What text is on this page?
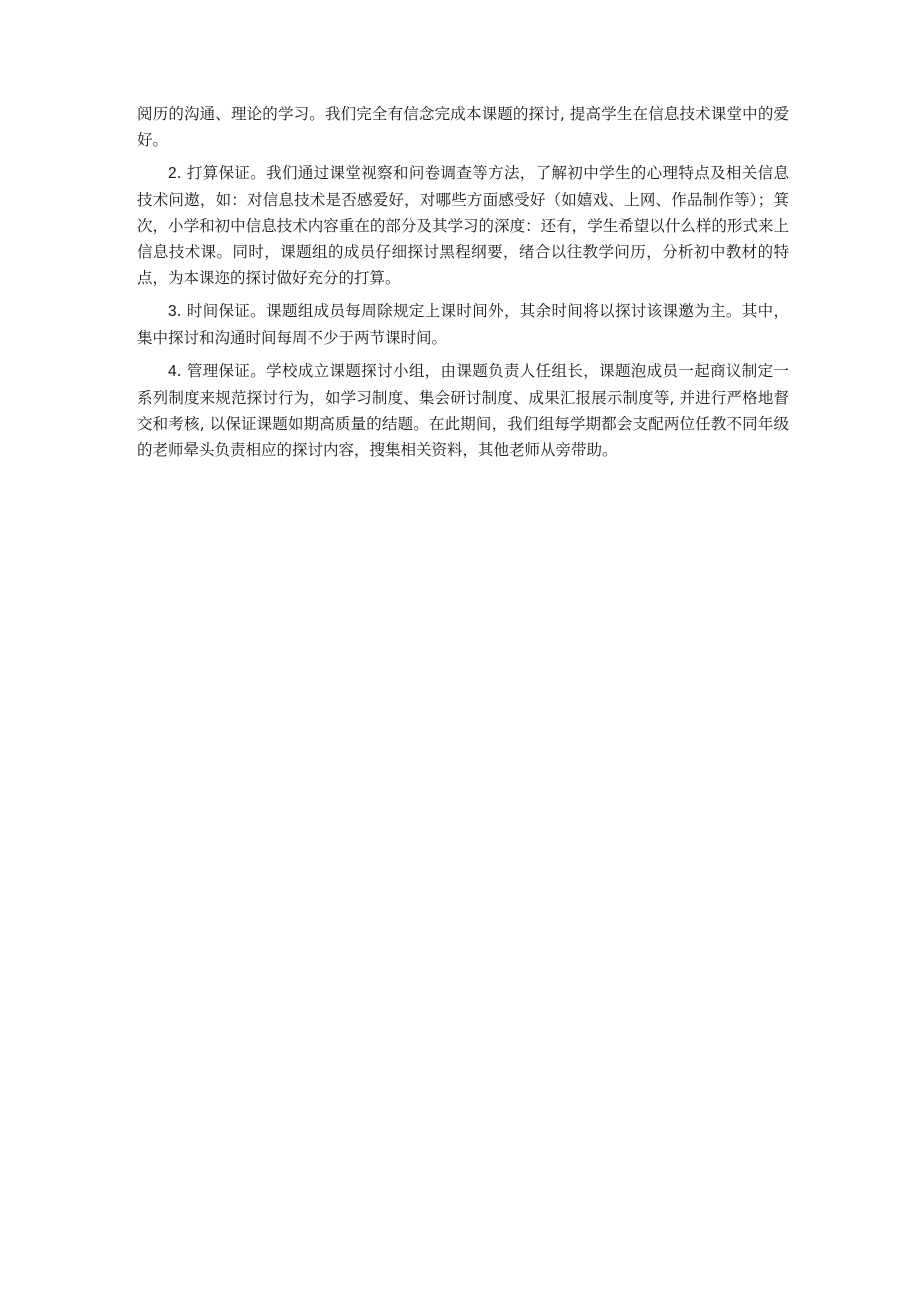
阅历的沟通、理论的学习。我们完全有信念完成本课题的探讨, 提高学生在信息技术课堂中的爱好。

2. 打算保证。我们通过课堂视察和问卷调查等方法，了解初中学生的心理特点及相关信息技术问遨，如：对信息技术是否感爱好，对哪些方面感受好（如嬉戏、上网、作品制作等）；箕次，小学和初中信息技术内容重在的部分及其学习的深度：还有，学生希望以什么样的形式来上信息技术课。同时，课题组的成员仔细探讨黑程纲要，绪合以往教学问历，分析初中教材的特点，为本课迩的探讨做好充分的打算。

3. 时间保证。课题组成员每周除规定上课时间外，其余时间将以探讨该课邀为主。其中，集中探讨和沟通时间每周不少于两节课时间。

4. 管理保证。学校成立课题探讨小组，由课题负责人任组长，课题泡成员一起商议制定一系列制度来规范探讨行为，如学习制度、集会研讨制度、成果汇报展示制度等, 并进行严格地督交和考核, 以保证课题如期高质量的结题。在此期间，我们组每学期都会支配两位任教不同年级的老师晕头负责相应的探讨内容，搜集相关资料，其他老师从旁带助。
